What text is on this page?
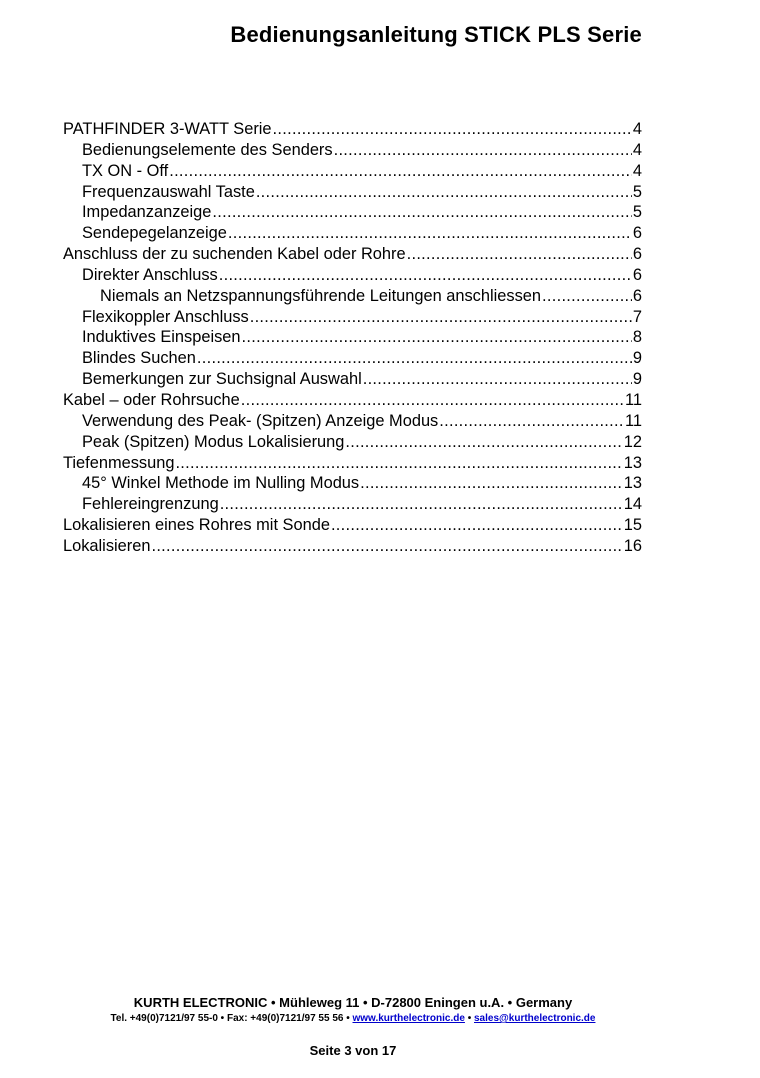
Bedienungsanleitung STICK PLS Serie
PATHFINDER 3-WATT Serie .....	4
Bedienungselemente des Senders .....	4
TX ON - Off .....	4
Frequenzauswahl Taste .....	5
Impedanzanzeige .....	5
Sendepegelanzeige .....	6
Anschluss der zu suchenden Kabel oder Rohre .....	6
Direkter Anschluss .....	6
Niemals an Netzspannungsführende Leitungen anschliessen .....	6
Flexikoppler Anschluss .....	7
Induktives Einspeisen .....	8
Blindes Suchen .....	9
Bemerkungen zur Suchsignal Auswahl .....	9
Kabel – oder Rohrsuche .....	11
Verwendung des Peak- (Spitzen) Anzeige Modus .....	11
Peak (Spitzen) Modus Lokalisierung .....	12
Tiefenmessung .....	13
45° Winkel Methode im Nulling Modus .....	13
Fehlereingrenzung .....	14
Lokalisieren eines Rohres mit Sonde .....	15
Lokalisieren .....	16
KURTH ELECTRONIC • Mühleweg 11 • D-72800 Eningen u.A. • Germany
Tel. +49(0)7121/97 55-0 • Fax: +49(0)7121/97 55 56 • www.kurthelectronic.de • sales@kurthelectronic.de
Seite 3 von 17
